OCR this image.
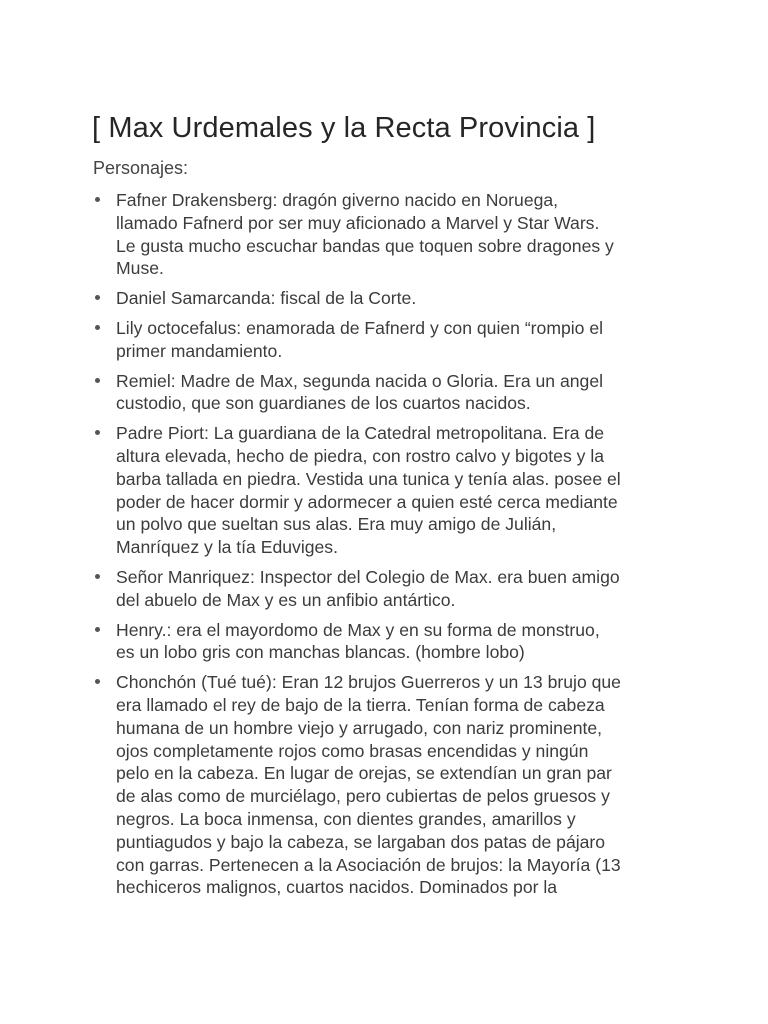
[ Max Urdemales y la Recta Provincia ]
Personajes:
Fafner Drakensberg: dragón giverno nacido en Noruega,
llamado Fafnerd por ser muy aficionado a Marvel y Star Wars.
Le gusta mucho escuchar bandas que toquen sobre dragones y
Muse.
Daniel Samarcanda: fiscal de la Corte.
Lily octocefalus: enamorada de Fafnerd y con quien “rompio el
primer mandamiento.
Remiel: Madre de Max, segunda nacida o Gloria. Era un angel
custodio, que son guardianes de los cuartos nacidos.
Padre Piort: La guardiana de la Catedral metropolitana. Era de
altura elevada, hecho de piedra, con rostro calvo y bigotes y la
barba tallada en piedra. Vestida una tunica y tenía alas. posee el
poder de hacer dormir y adormecer a quien esté cerca mediante
un polvo que sueltan sus alas. Era muy amigo de Julián,
Manríquez y la tía Eduviges.
Señor Manriquez: Inspector del Colegio de Max. era buen amigo
del abuelo de Max y es un anfibio antártico.
Henry.: era el mayordomo de Max y en su forma de monstruo,
es un lobo gris con manchas blancas. (hombre lobo)
Chonchón (Tué tué): Eran 12 brujos Guerreros y un 13 brujo que
era llamado el rey de bajo de la tierra. Tenían forma de cabeza
humana de un hombre viejo y arrugado, con nariz prominente,
ojos completamente rojos como brasas encendidas y ningún
pelo en la cabeza. En lugar de orejas, se extendían un gran par
de alas como de murciélago, pero cubiertas de pelos gruesos y
negros. La boca inmensa, con dientes grandes, amarillos y
puntiagudos y bajo la cabeza, se largaban dos patas de pájaro
con garras. Pertenecen a la Asociación de brujos: la Mayoría (13
hechiceros malignos, cuartos nacidos. Dominados por la
